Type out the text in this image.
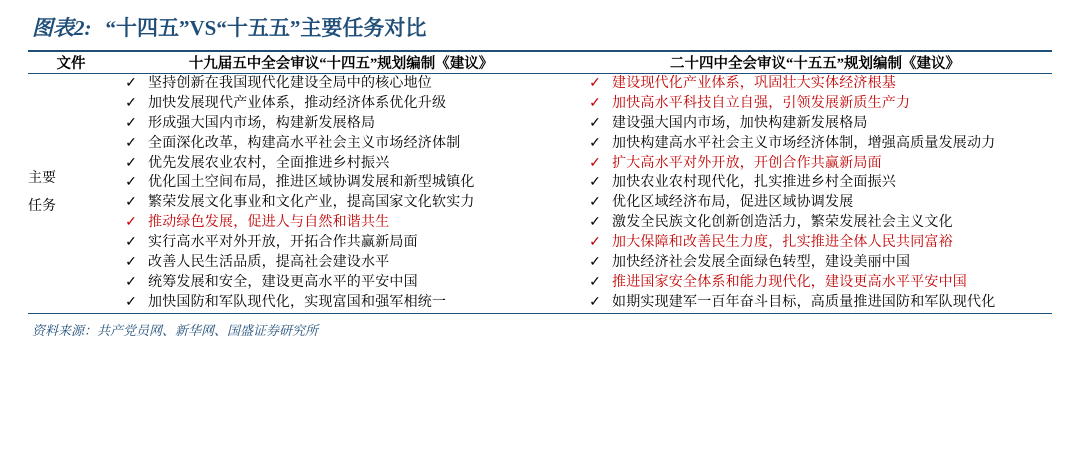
图表2: “十四五”VS“十五五”主要任务对比
文件	十九届五中全会审议“十四五”规划编制《建议》		二十四中全会审议“十五五”规划编制《建议》
主要
任务	✓	坚持创新在我国现代化建设全局中的核心地位		✓	建设现代化产业体系，巩固壮大实体经济根基
	✓	加快发展现代产业体系，推动经济体系优化升级		✓	加快高水平科技自立自强，引领发展新质生产力
	✓	形成强大国内市场，构建新发展格局		✓	建设强大国内市场，加快构建新发展格局
	✓	全面深化改革，构建高水平社会主义市场经济体制		✓	加快构建高水平社会主义市场经济体制，增强高质量发展动力
	✓	优先发展农业农村，全面推进乡村振兴		✓	扩大高水平对外开放，开创合作共赢新局面
	✓	优化国土空间布局，推进区域协调发展和新型城镇化		✓	加快农业农村现代化，扎实推进乡村全面振兴
	✓	繁荣发展文化事业和文化产业，提高国家文化软实力		✓	优化区域经济布局，促进区域协调发展
	✓	推动绿色发展，促进人与自然和谐共生		✓	激发全民族文化创新创造活力，繁荣发展社会主义文化
	✓	实行高水平对外开放，开拓合作共赢新局面		✓	加大保障和改善民生力度，扎实推进全体人民共同富裕
	✓	改善人民生活品质，提高社会建设水平		✓	加快经济社会发展全面绿色转型，建设美丽中国
	✓	统筹发展和安全，建设更高水平的平安中国		✓	推进国家安全体系和能力现代化，建设更高水平平安中国
	✓	加快国防和军队现代化，实现富国和强军相统一		✓	如期实现建军一百年奋斗目标，高质量推进国防和军队现代化
资料来源：共产党员网、新华网、国盛证券研究所
